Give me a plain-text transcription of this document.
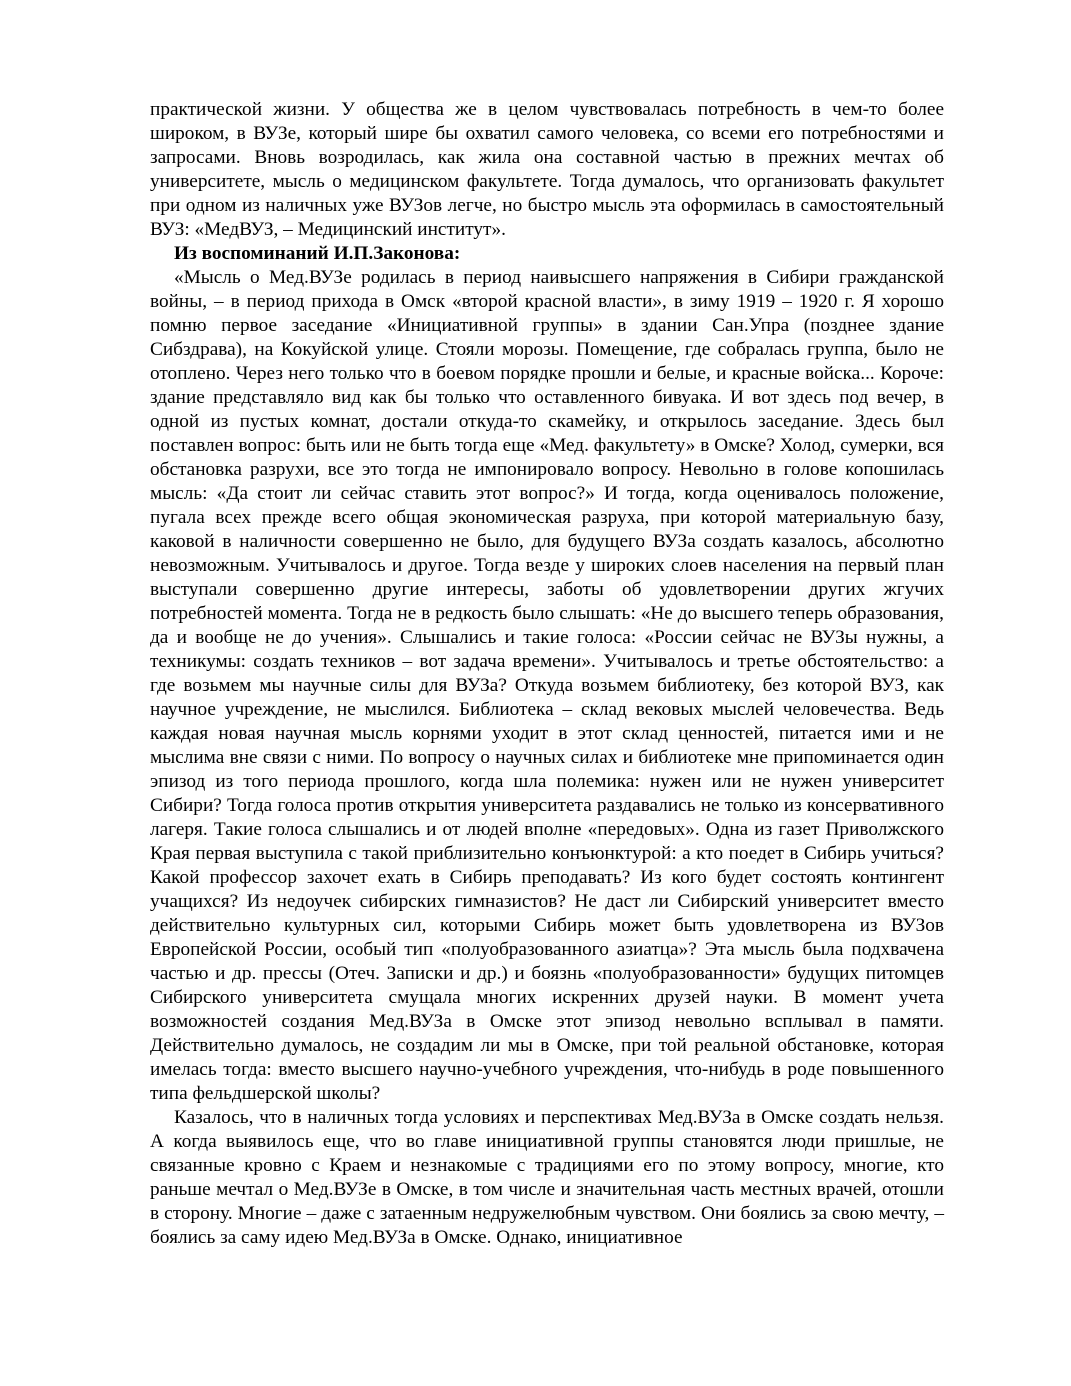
практической жизни. У общества же в целом чувствовалась потребность в чем-то более широком, в ВУЗе, который шире бы охватил самого человека, со всеми его потребностями и запросами. Вновь возродилась, как жила она составной частью в прежних мечтах об университете, мысль о медицинском факультете. Тогда думалось, что организовать факультет при одном из наличных уже ВУЗов легче, но быстро мысль эта оформилась в самостоятельный ВУЗ: «МедВУЗ, – Медицинский институт».

Из воспоминаний И.П.Законова:

«Мысль о Мед.ВУЗе родилась в период наивысшего напряжения в Сибири гражданской войны, – в период прихода в Омск «второй красной власти», в зиму 1919 – 1920 г. Я хорошо помню первое заседание «Инициативной группы» в здании Сан.Упра (позднее здание Сибздрава), на Кокуйской улице. Стояли морозы. Помещение, где собралась группа, было не отоплено. Через него только что в боевом порядке прошли и белые, и красные войска... Короче: здание представляло вид как бы только что оставленного бивуака. И вот здесь под вечер, в одной из пустых комнат, достали откуда-то скамейку, и открылось заседание. Здесь был поставлен вопрос: быть или не быть тогда еще «Мед. факультету» в Омске? Холод, сумерки, вся обстановка разрухи, все это тогда не импонировало вопросу. Невольно в голове копошилась мысль: «Да стоит ли сейчас ставить этот вопрос?» И тогда, когда оценивалось положение, пугала всех прежде всего общая экономическая разруха, при которой материальную базу, каковой в наличности совершенно не было, для будущего ВУЗа создать казалось, абсолютно невозможным. Учитывалось и другое. Тогда везде у широких слоев населения на первый план выступали совершенно другие интересы, заботы об удовлетворении других жгучих потребностей момента. Тогда не в редкость было слышать: «Не до высшего теперь образования, да и вообще не до учения». Слышались и такие голоса: «России сейчас не ВУЗы нужны, а техникумы: создать техников – вот задача времени». Учитывалось и третье обстоятельство: а где возьмем мы научные силы для ВУЗа? Откуда возьмем библиотеку, без которой ВУЗ, как научное учреждение, не мыслился. Библиотека – склад вековых мыслей человечества. Ведь каждая новая научная мысль корнями уходит в этот склад ценностей, питается ими и не мыслима вне связи с ними. По вопросу о научных силах и библиотеке мне припоминается один эпизод из того периода прошлого, когда шла полемика: нужен или не нужен университет Сибири? Тогда голоса против открытия университета раздавались не только из консервативного лагеря. Такие голоса слышались и от людей вполне «передовых». Одна из газет Приволжского Края первая выступила с такой приблизительно конъюнктурой: а кто поедет в Сибирь учиться? Какой профессор захочет ехать в Сибирь преподавать? Из кого будет состоять контингент учащихся? Из недоучек сибирских гимназистов? Не даст ли Сибирский университет вместо действительно культурных сил, которыми Сибирь может быть удовлетворена из ВУЗов Европейской России, особый тип «полуобразованного азиатца»? Эта мысль была подхвачена частью и др. прессы (Отеч. Записки и др.) и боязнь «полуобразованности» будущих питомцев Сибирского университета смущала многих искренних друзей науки. В момент учета возможностей создания Мед.ВУЗа в Омске этот эпизод невольно всплывал в памяти. Действительно думалось, не создадим ли мы в Омске, при той реальной обстановке, которая имелась тогда: вместо высшего научно-учебного учреждения, что-нибудь в роде повышенного типа фельдшерской школы?

Казалось, что в наличных тогда условиях и перспективах Мед.ВУЗа в Омске создать нельзя. А когда выявилось еще, что во главе инициативной группы становятся люди пришлые, не связанные кровно с Краем и незнакомые с традициями его по этому вопросу, многие, кто раньше мечтал о Мед.ВУЗе в Омске, в том числе и значительная часть местных врачей, отошли в сторону. Многие – даже с затаенным недружелюбным чувством. Они боялись за свою мечту, – боялись за саму идею Мед.ВУЗа в Омске. Однако, инициативное
